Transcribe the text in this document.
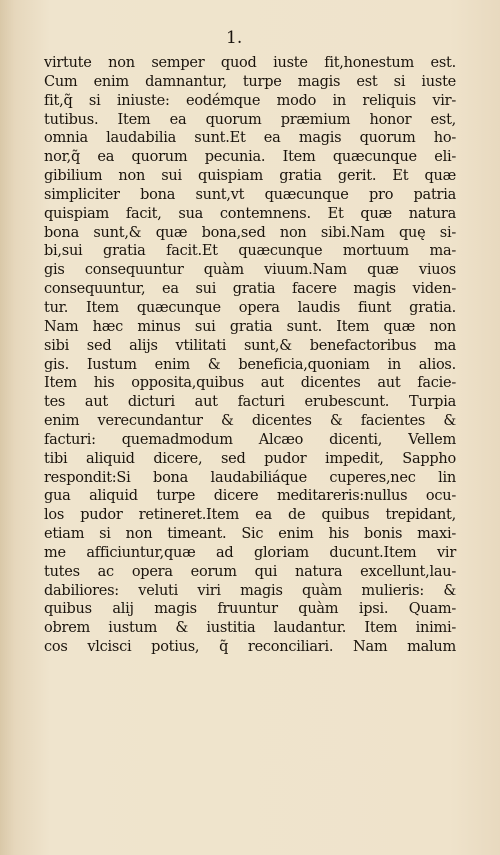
1.
virtute non semper quod iuste fit,honestum est.
Cum enim damnantur, turpe magis est si iuste
fit,q̃ si iniuste: eodémque modo in reliquis vir-
tutibus. Item ea quorum præmium honor est,
omnia laudabilia sunt.Et ea magis quorum ho-
nor,q̃ ea quorum pecunia. Item quæcunque eli-
gibilium non sui quispiam gratia gerit. Et quæ
simpliciter bona sunt,vt quæcunque pro patria
quispiam facit, sua contemnens. Et quæ natura
bona sunt,& quæ bona,sed non sibi.Nam quę si-
bi,sui gratia facit.Et quæcunque mortuum ma-
gis consequuntur quàm viuum.Nam quæ viuos
consequuntur, ea sui gratia facere magis viden-
tur. Item quæcunque opera laudis fiunt gratia.
Nam hæc minus sui gratia sunt. Item quæ non
sibi sed alijs vtilitati sunt,& benefactoribus ma
gis. Iustum enim & beneficia,quoniam in alios.
Item his opposita,quibus aut dicentes aut facie-
tes aut dicturi aut facturi erubescunt. Turpia
enim verecundantur & dicentes & facientes &
facturi: quemadmodum Alcæo dicenti, Vellem
tibi aliquid dicere, sed pudor impedit, Sappho
respondit:Si bona laudabiliáque cuperes,nec lin
gua aliquid turpe dicere meditareris:nullus ocu-
los pudor retineret.Item ea de quibus trepidant,
etiam si non timeant. Sic enim his bonis maxi-
me afficiuntur,quæ ad gloriam ducunt.Item vir
tutes ac opera eorum qui natura excellunt,lau-
dabiliores: veluti viri magis quàm mulieris: &
quibus alij magis fruuntur quàm ipsi. Quam-
obrem iustum & iustitia laudantur. Item inimi-
cos vlcisci potius, q̃ reconciliari. Nam malum
